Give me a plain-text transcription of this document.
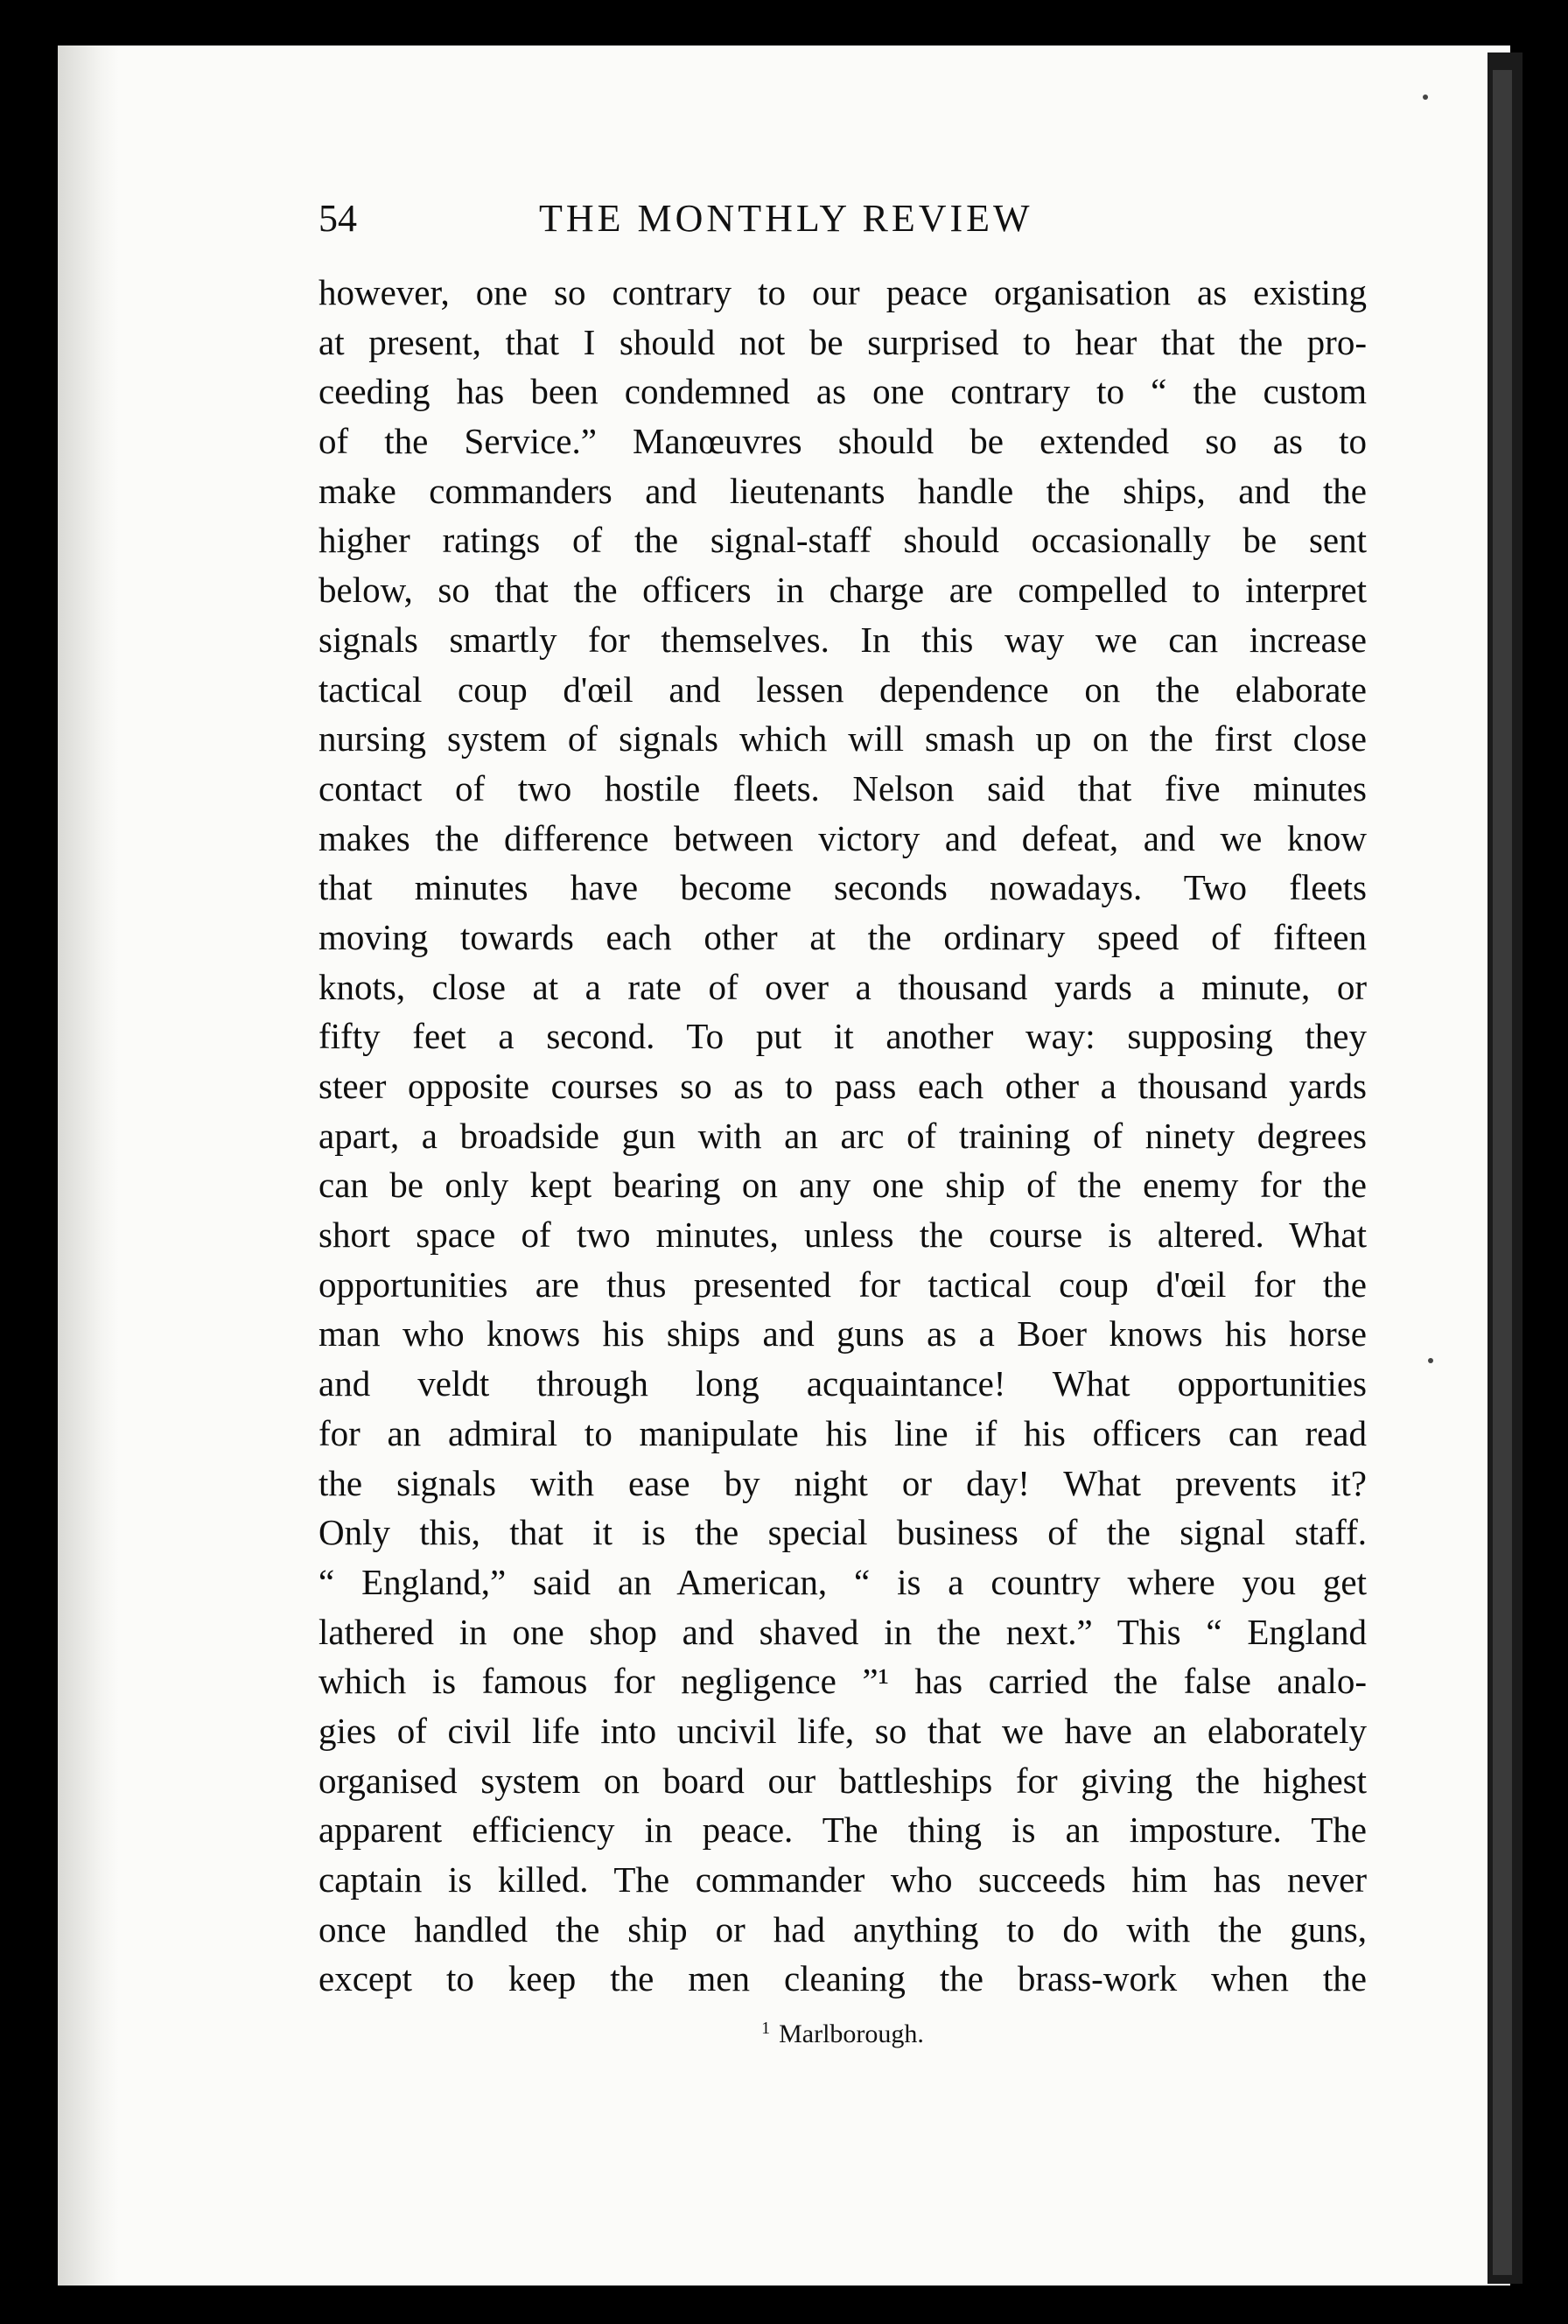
54	THE MONTHLY REVIEW
however, one so contrary to our peace organisation as existing
at present, that I should not be surprised to hear that the pro-
ceeding has been condemned as one contrary to “ the custom
of the Service.” Manœuvres should be extended so as to
make commanders and lieutenants handle the ships, and the
higher ratings of the signal-staff should occasionally be sent
below, so that the officers in charge are compelled to interpret
signals smartly for themselves. In this way we can increase
tactical coup d'œil and lessen dependence on the elaborate
nursing system of signals which will smash up on the first close
contact of two hostile fleets. Nelson said that five minutes
makes the difference between victory and defeat, and we know
that minutes have become seconds nowadays. Two fleets
moving towards each other at the ordinary speed of fifteen
knots, close at a rate of over a thousand yards a minute, or
fifty feet a second. To put it another way: supposing they
steer opposite courses so as to pass each other a thousand yards
apart, a broadside gun with an arc of training of ninety degrees
can be only kept bearing on any one ship of the enemy for the
short space of two minutes, unless the course is altered. What
opportunities are thus presented for tactical coup d'œil for the
man who knows his ships and guns as a Boer knows his horse
and veldt through long acquaintance! What opportunities
for an admiral to manipulate his line if his officers can read
the signals with ease by night or day! What prevents it?
Only this, that it is the special business of the signal staff.
“ England,” said an American, “ is a country where you get
lathered in one shop and shaved in the next.” This “ England
which is famous for negligence ”¹ has carried the false analo-
gies of civil life into uncivil life, so that we have an elaborately
organised system on board our battleships for giving the highest
apparent efficiency in peace. The thing is an imposture. The
captain is killed. The commander who succeeds him has never
once handled the ship or had anything to do with the guns,
except to keep the men cleaning the brass-work when the
$^1$ Marlborough.
